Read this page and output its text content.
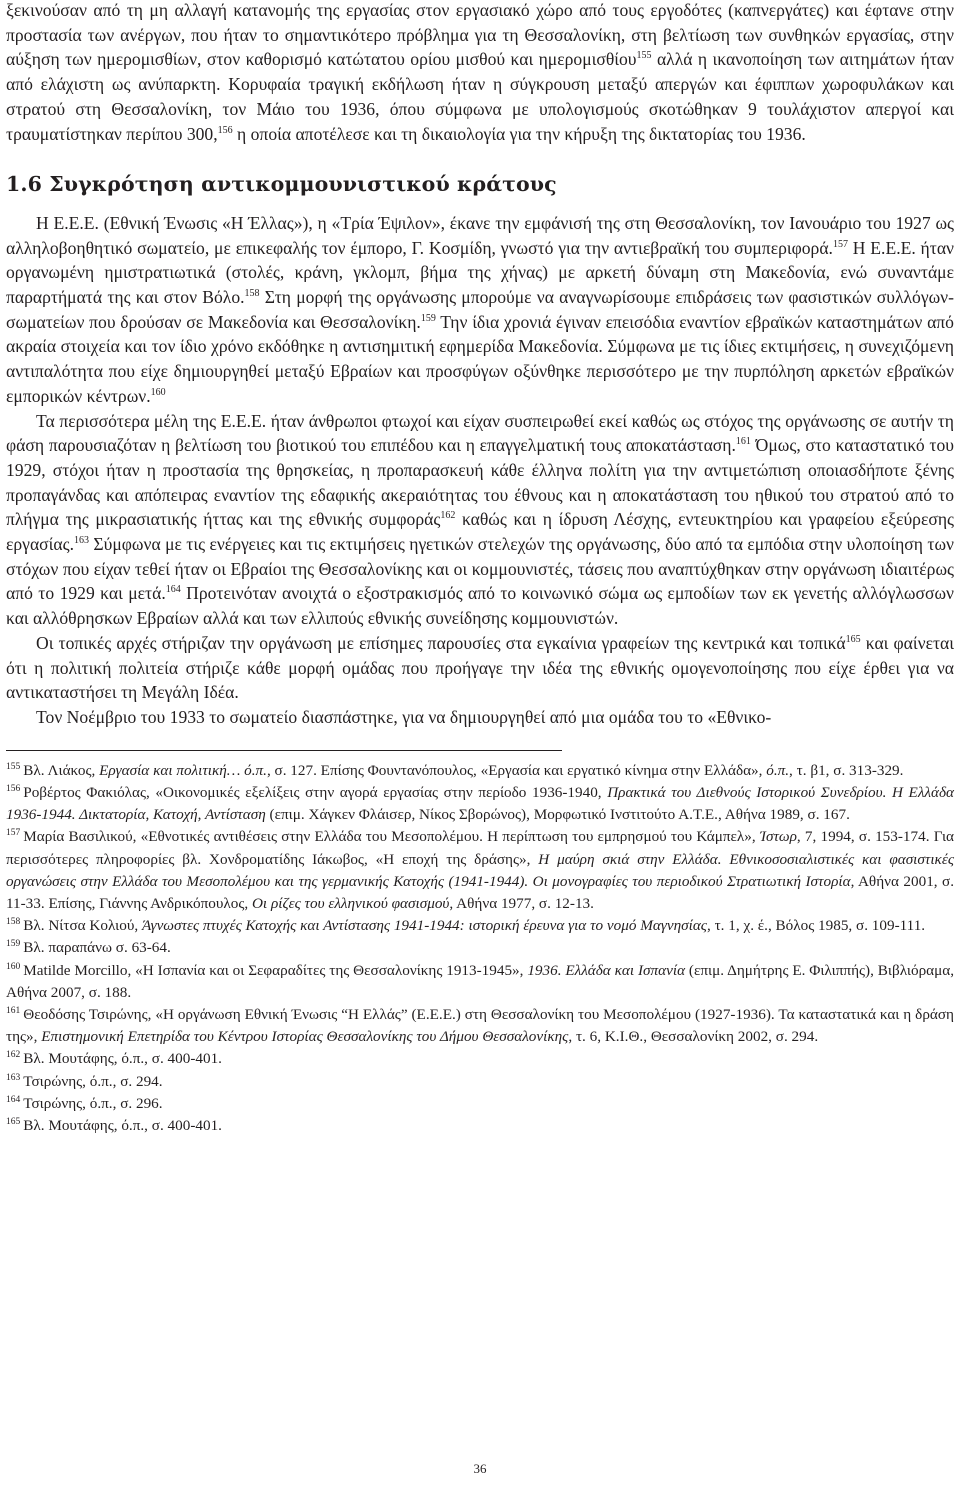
ξεκινούσαν από τη μη αλλαγή κατανομής της εργασίας στον εργασιακό χώρο από τους εργοδότες (καπνεργάτες) και έφτανε στην προστασία των ανέργων, που ήταν το σημαντικότερο πρόβλημα για τη Θεσσαλονίκη, στη βελτίωση των συνθηκών εργασίας, στην αύξηση των ημερομισθίων, στον καθορισμό κατώτατου ορίου μισθού και ημερομισθίου$^{155}$ αλλά η ικανοποίηση των αιτημάτων ήταν από ελάχιστη ως ανύπαρκτη. Κορυφαία τραγική εκδήλωση ήταν η σύγκρουση μεταξύ απεργών και έφιππων χωροφυλάκων και στρατού στη Θεσσαλονίκη, τον Μάιο του 1936, όπου σύμφωνα με υπολογισμούς σκοτώθηκαν 9 τουλάχιστον απεργοί και τραυματίστηκαν περίπου 300,$^{156}$ η οποία αποτέλεσε και τη δικαιολογία για την κήρυξη της δικτατορίας του 1936.

1.6 Συγκρότηση αντικομμουνιστικού κράτους

Η Ε.Ε.Ε. (Εθνική Ένωσις «Η Έλλας»), η «Τρία Έψιλον», έκανε την εμφάνισή της στη Θεσσαλονίκη, τον Ιανουάριο του 1927 ως αλληλοβοηθητικό σωματείο, με επικεφαλής τον έμπορο, Γ. Κοσμίδη, γνωστό για την αντιεβραϊκή του συμπεριφορά.$^{157}$ Η Ε.Ε.Ε. ήταν οργανωμένη ημιστρατιωτικά (στολές, κράνη, γκλομπ, βήμα της χήνας) με αρκετή δύναμη στη Μακεδονία, ενώ συναντάμε παραρτήματά της και στον Βόλο.$^{158}$ Στη μορφή της οργάνωσης μπορούμε να αναγνωρίσουμε επιδράσεις των φασιστικών συλλόγων-σωματείων που δρούσαν σε Μακεδονία και Θεσσαλονίκη.$^{159}$ Την ίδια χρονιά έγιναν επεισόδια εναντίον εβραϊκών καταστημάτων από ακραία στοιχεία και τον ίδιο χρόνο εκδόθηκε η αντισημιτική εφημερίδα Μακεδονία. Σύμφωνα με τις ίδιες εκτιμήσεις, η συνεχιζόμενη αντιπαλότητα που είχε δημιουργηθεί μεταξύ Εβραίων και προσφύγων οξύνθηκε περισσότερο με την πυρπόληση αρκετών εβραϊκών εμπορικών κέντρων.$^{160}$

Τα περισσότερα μέλη της Ε.Ε.Ε. ήταν άνθρωποι φτωχοί και είχαν συσπειρωθεί εκεί καθώς ως στόχος της οργάνωσης σε αυτήν τη φάση παρουσιαζόταν η βελτίωση του βιοτικού του επιπέδου και η επαγγελματική τους αποκατάσταση.$^{161}$ Όμως, στο καταστατικό του 1929, στόχοι ήταν η προστασία της θρησκείας, η προπαρασκευή κάθε έλληνα πολίτη για την αντιμετώπιση οποιασδήποτε ξένης προπαγάνδας και απόπειρας εναντίον της εδαφικής ακεραιότητας του έθνους και η αποκατάσταση του ηθικού του στρατού από το πλήγμα της μικρασιατικής ήττας και της εθνικής συμφοράς$^{162}$ καθώς και η ίδρυση Λέσχης, εντευκτηρίου και γραφείου εξεύρεσης εργασίας.$^{163}$ Σύμφωνα με τις ενέργειες και τις εκτιμήσεις ηγετικών στελεχών της οργάνωσης, δύο από τα εμπόδια στην υλοποίηση των στόχων που είχαν τεθεί ήταν οι Εβραίοι της Θεσσαλονίκης και οι κομμουνιστές, τάσεις που αναπτύχθηκαν στην οργάνωση ιδιαιτέρως από το 1929 και μετά.$^{164}$ Προτεινόταν ανοιχτά ο εξοστρακισμός από το κοινωνικό σώμα ως εμποδίων των εκ γενετής αλλόγλωσσων και αλλόθρησκων Εβραίων αλλά και των ελλιπούς εθνικής συνείδησης κομμουνιστών.

Οι τοπικές αρχές στήριζαν την οργάνωση με επίσημες παρουσίες στα εγκαίνια γραφείων της κεντρικά και τοπικά$^{165}$ και φαίνεται ότι η πολιτική πολιτεία στήριζε κάθε μορφή ομάδας που προήγαγε την ιδέα της εθνικής ομογενοποίησης που είχε έρθει για να αντικαταστήσει τη Μεγάλη Ιδέα.

Τον Νοέμβριο του 1933 το σωματείο διασπάστηκε, για να δημιουργηθεί από μια ομάδα του το «Εθνικο-

$^{155}$ Βλ. Λιάκος, Εργασία και πολιτική… ό.π., σ. 127. Επίσης Φουντανόπουλος, «Εργασία και εργατικό κίνημα στην Ελλάδα», ό.π., τ. β1, σ. 313-329.

$^{156}$ Ροβέρτος Φακιόλας, «Οικονομικές εξελίξεις στην αγορά εργασίας στην περίοδο 1936-1940, Πρακτικά του Διεθνούς Ιστορικού Συνεδρίου. Η Ελλάδα 1936-1944. Δικτατορία, Κατοχή, Αντίσταση (επιμ. Χάγκεν Φλάισερ, Νίκος Σβορώνος), Μορφωτικό Ινστιτούτο Α.Τ.Ε., Αθήνα 1989, σ. 167.

$^{157}$ Μαρία Βασιλικού, «Εθνοτικές αντιθέσεις στην Ελλάδα του Μεσοπολέμου. Η περίπτωση του εμπρησμού του Κάμπελ», Ίστωρ, 7, 1994, σ. 153-174. Για περισσότερες πληροφορίες βλ. Χονδροματίδης Ιάκωβος, «Η εποχή της δράσης», Η μαύρη σκιά στην Ελλάδα. Εθνικοσοσιαλιστικές και φασιστικές οργανώσεις στην Ελλάδα του Μεσοπολέμου και της γερμανικής Κατοχής (1941-1944). Οι μονογραφίες του περιοδικού Στρατιωτική Ιστορία, Αθήνα 2001, σ. 11-33. Επίσης, Γιάννης Ανδρικόπουλος, Οι ρίζες του ελληνικού φασισμού, Αθήνα 1977, σ. 12-13.

$^{158}$ Βλ. Νίτσα Κολιού, Άγνωστες πτυχές Κατοχής και Αντίστασης 1941-1944: ιστορική έρευνα για το νομό Μαγνησίας, τ. 1, χ. έ., Βόλος 1985, σ. 109-111.

$^{159}$ Βλ. παραπάνω σ. 63-64.

$^{160}$ Matilde Morcillo, «Η Ισπανία και οι Σεφαραδίτες της Θεσσαλονίκης 1913-1945», 1936. Ελλάδα και Ισπανία (επιμ. Δημήτρης Ε. Φιλιππής), Βιβλιόραμα, Αθήνα 2007, σ. 188.

$^{161}$ Θεοδόσης Τσιρώνης, «Η οργάνωση Εθνική Ένωσις “Η Ελλάς” (Ε.Ε.Ε.) στη Θεσσαλονίκη του Μεσοπολέμου (1927-1936). Τα καταστατικά και η δράση της», Επιστημονική Επετηρίδα του Κέντρου Ιστορίας Θεσσαλονίκης του Δήμου Θεσσαλονίκης, τ. 6, Κ.Ι.Θ., Θεσσαλονίκη 2002, σ. 294.

$^{162}$ Βλ. Μουτάφης, ό.π., σ. 400-401.

$^{163}$ Τσιρώνης, ό.π., σ. 294.

$^{164}$ Τσιρώνης, ό.π., σ. 296.

$^{165}$ Βλ. Μουτάφης, ό.π., σ. 400-401.

36
